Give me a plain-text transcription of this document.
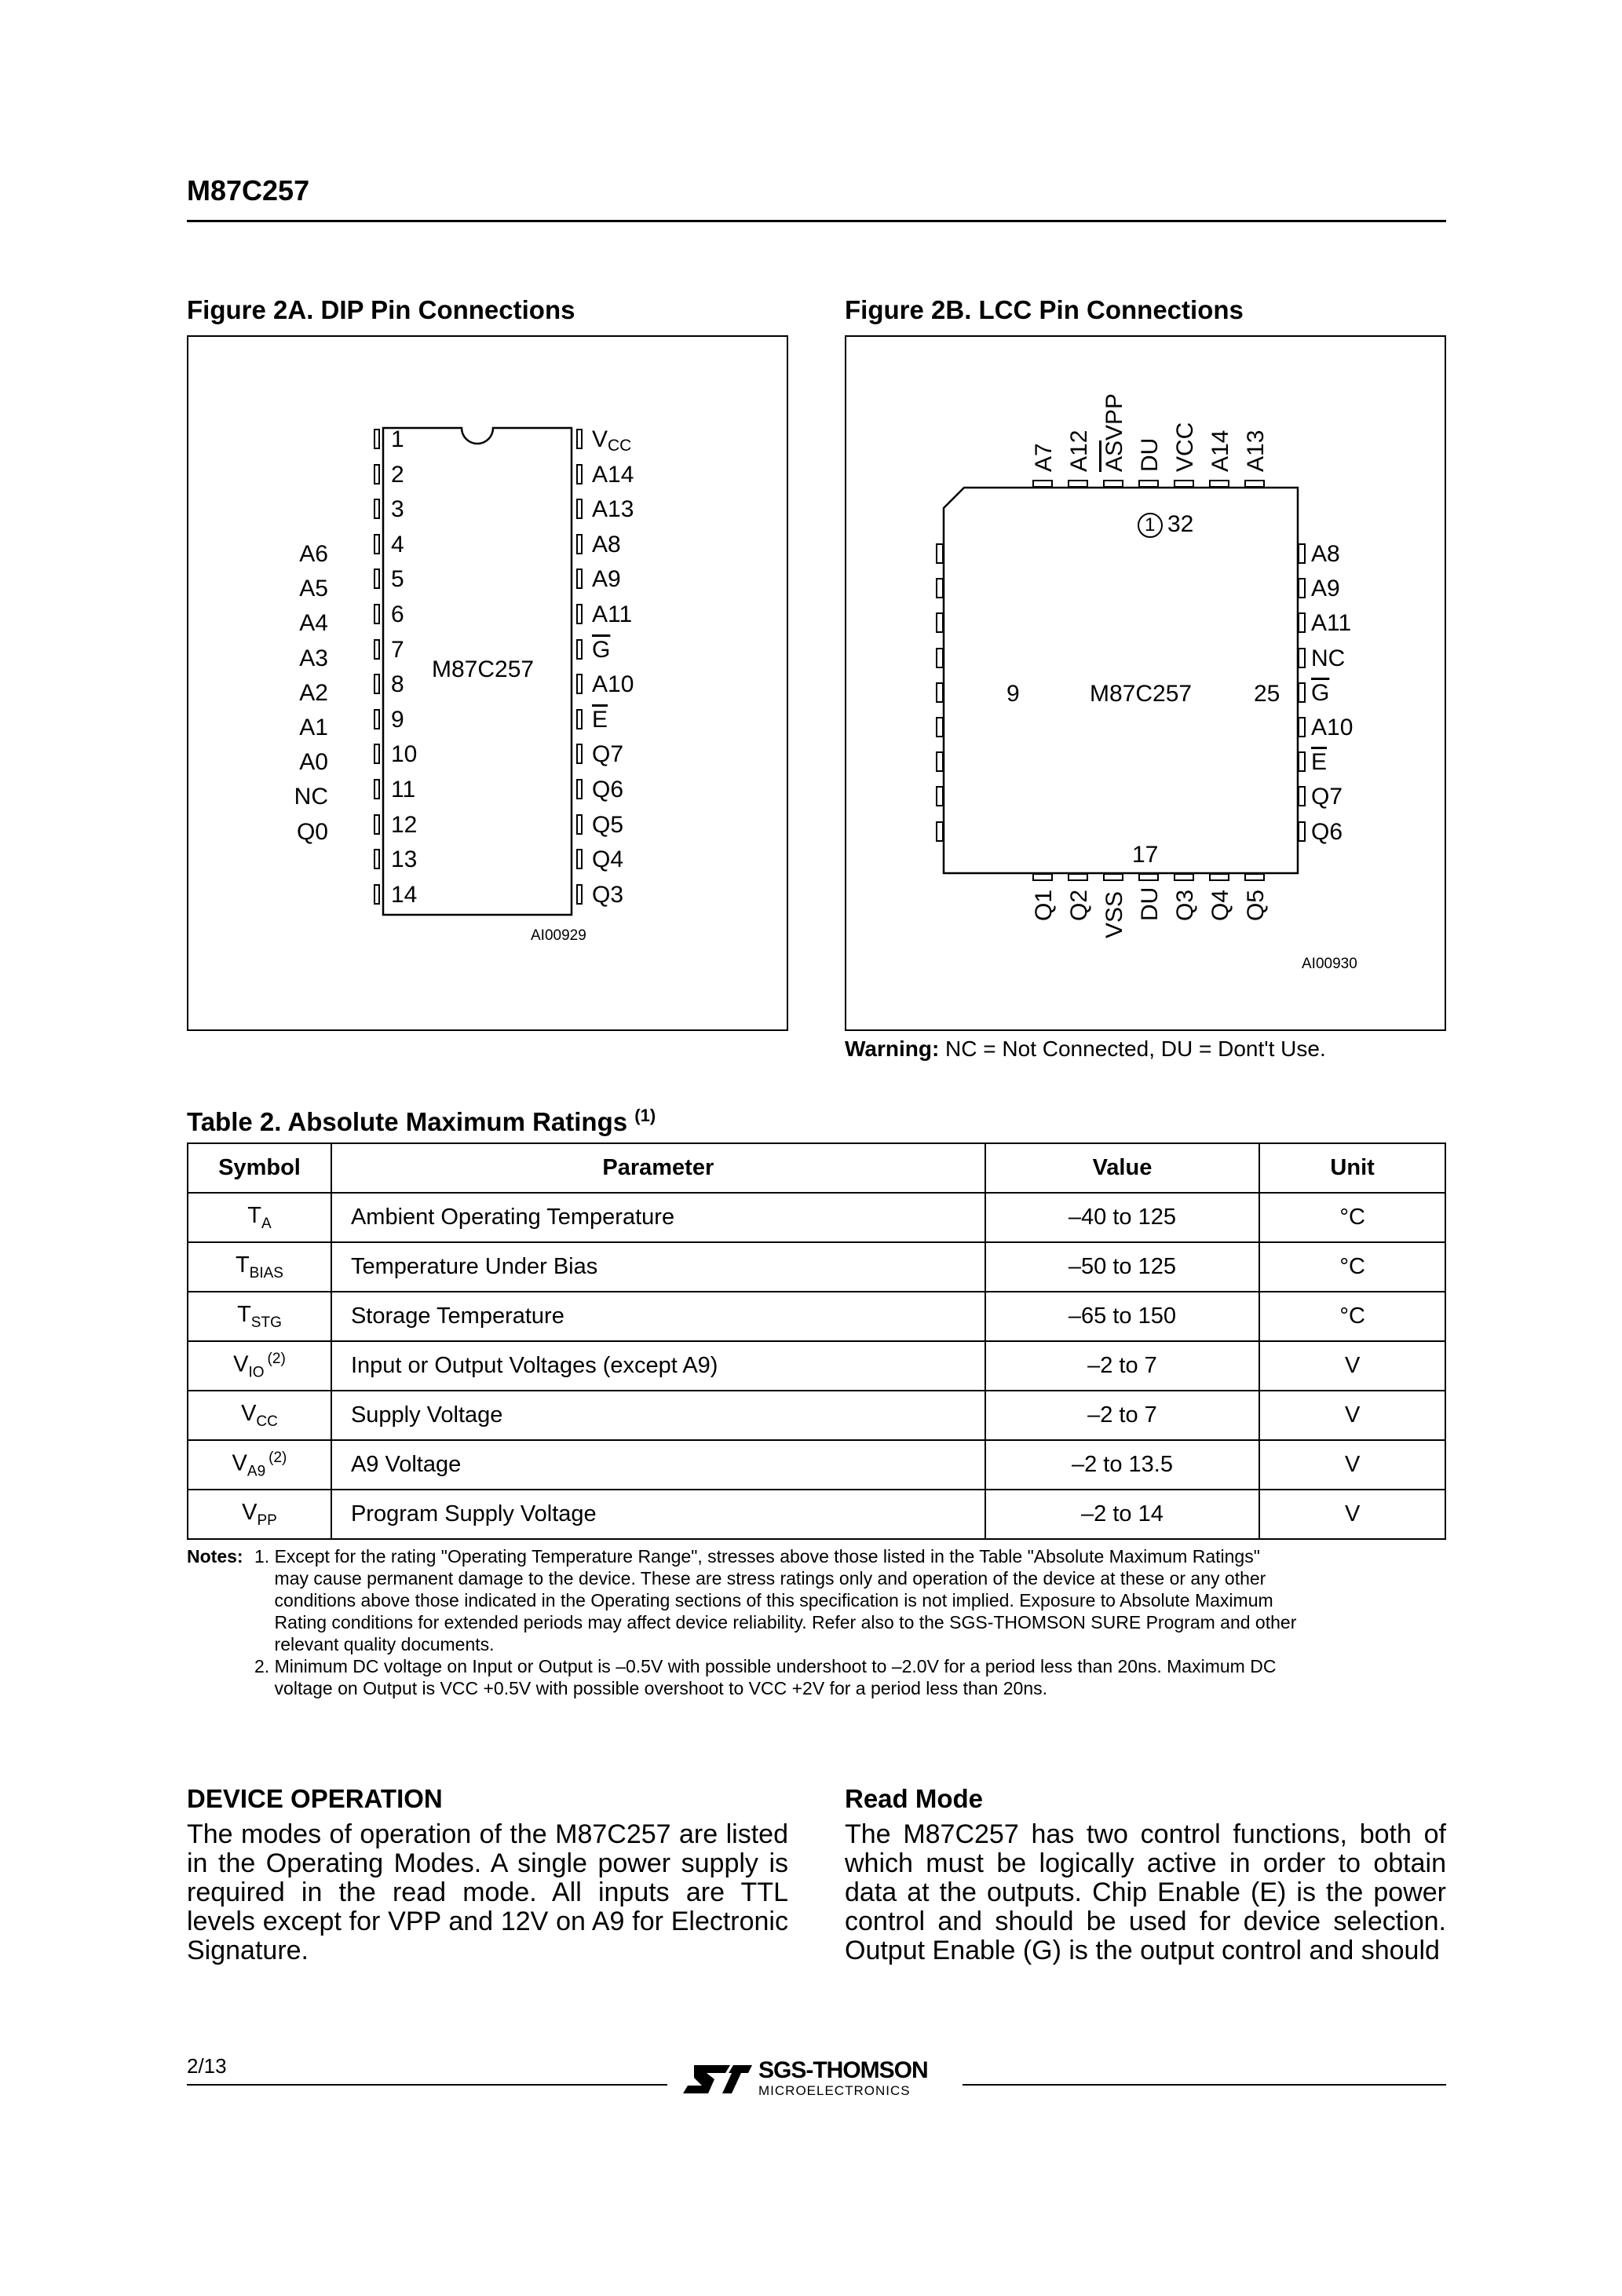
M87C257
Figure 2A. DIP Pin Connections
1
2
3
4
5
6
7
8
9
10
11
12
13
14
$V_{CC}$
A14
A13
A8
A9
A11
$\overline{G}$
A10
$\overline{E}$
Q7
Q6
Q5
Q4
Q3
M87C257
AI00929
Figure 2B. LCC Pin Connections
1 32
9	25
17
M87C257
A7 A12 $\overline{AS}VPP$
DU VCC A14 A13
Q1 Q2 VSS DU Q3 Q4 Q5
A6
A5
A4
A3
A2
A1
A0
NC
Q0
A8
A9
A11
NC
$\overline{G}$
A10
$\overline{E}$
Q7
Q6
AI00930
Warning: NC = Not Connected, DU = Dont't Use.
Table 2. Absolute Maximum Ratings $^{(1)}$
Symbol	Parameter	Value	Unit
$T_A$	Ambient Operating Temperature	–40 to 125	°C
$T_{BIAS}$	Temperature Under Bias	–50 to 125	°C
$T_{STG}$	Storage Temperature	–65 to 150	°C
$V_{IO}^{(2)}$	Input or Output Voltages (except A9)	–2 to 7	V
$V_{CC}$	Supply Voltage	–2 to 7	V
$V_{A9}^{(2)}$	A9 Voltage	–2 to 13.5	V
$V_{PP}$	Program Supply Voltage	–2 to 14	V
Notes: 1. Except for the rating "Operating Temperature Range", stresses above those listed in the Table "Absolute Maximum Ratings"
may cause permanent damage to the device. These are stress ratings only and operation of the device at these or any other
conditions above those indicated in the Operating sections of this specification is not implied. Exposure to Absolute Maximum
Rating conditions for extended periods may affect device reliability. Refer also to the SGS-THOMSON SURE Program and other
relevant quality documents.
2. Minimum DC voltage on Input or Output is –0.5V with possible undershoot to –2.0V for a period less than 20ns. Maximum DC
voltage on Output is VCC +0.5V with possible overshoot to VCC +2V for a period less than 20ns.
DEVICE OPERATION
The modes of operation of the M87C257 are listed in the Operating Modes. A single power supply is required in the read mode. All inputs are TTL levels except for VPP and 12V on A9 for Electronic Signature.
Read Mode
The M87C257 has two control functions, both of which must be logically active in order to obtain data at the outputs. Chip Enable (E) is the power control and should be used for device selection. Output Enable (G) is the output control and should
2/13	SGS-THOMSON
MICROELECTRONICS
